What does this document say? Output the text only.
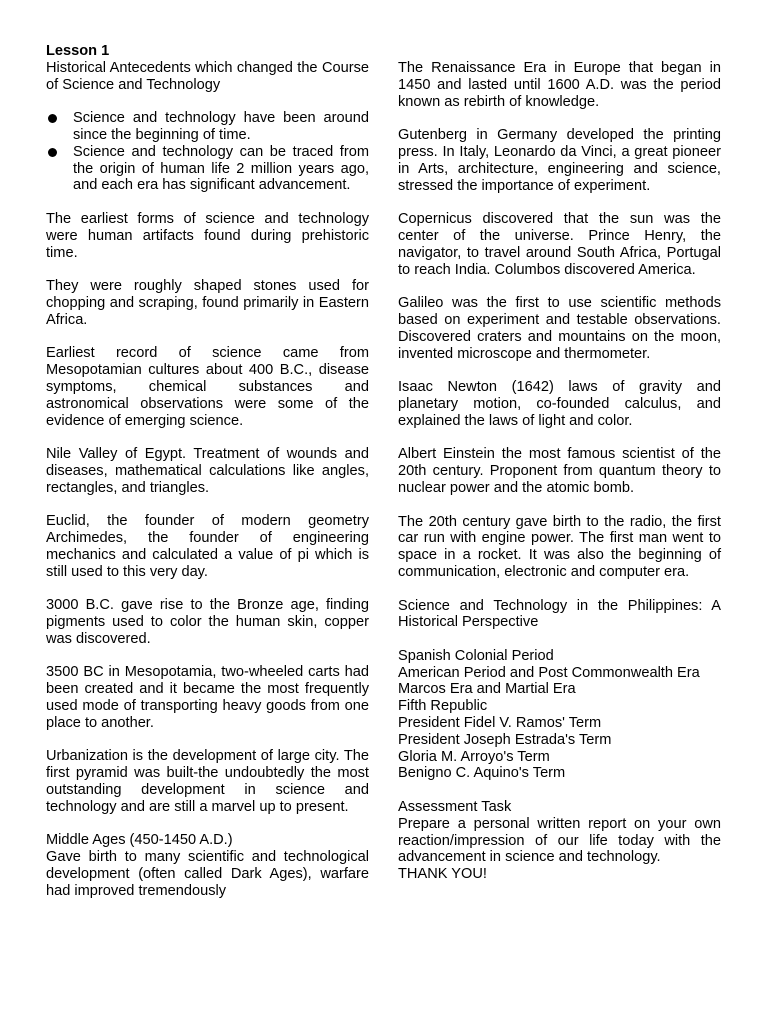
Lesson 1
Historical Antecedents which changed the Course of Science and Technology
Science and technology have been around since the beginning of time.
Science and technology can be traced from the origin of human life 2 million years ago, and each era has significant advancement.

The earliest forms of science and technology were human artifacts found during prehistoric time.

They were roughly shaped stones used for chopping and scraping, found primarily in Eastern Africa.

Earliest record of science came from Mesopotamian cultures about 400 B.C., disease symptoms, chemical substances and astronomical observations were some of the evidence of emerging science.

Nile Valley of Egypt. Treatment of wounds and diseases, mathematical calculations like angles, rectangles, and triangles.

Euclid, the founder of modern geometry Archimedes, the founder of engineering mechanics and calculated a value of pi which is still used to this very day.

3000 B.C. gave rise to the Bronze age, finding pigments used to color the human skin, copper was discovered.

3500 BC in Mesopotamia, two-wheeled carts had been created and it became the most frequently used mode of transporting heavy goods from one place to another.

Urbanization is the development of large city. The first pyramid was built-the undoubtedly the most outstanding development in science and technology and are still a marvel up to present.

Middle Ages (450-1450 A.D.)

Gave birth to many scientific and technological development (often called Dark Ages), warfare had improved tremendously

The Renaissance Era in Europe that began in 1450 and lasted until 1600 A.D. was the period known as rebirth of knowledge.

Gutenberg in Germany developed the printing press. In Italy, Leonardo da Vinci, a great pioneer in Arts, architecture, engineering and science, stressed the importance of experiment.

Copernicus discovered that the sun was the center of the universe. Prince Henry, the navigator, to travel around South Africa, Portugal to reach India. Columbos discovered America.

Galileo was the first to use scientific methods based on experiment and testable observations. Discovered craters and mountains on the moon, invented microscope and thermometer.

Isaac Newton (1642) laws of gravity and planetary motion, co-founded calculus, and explained the laws of light and color.

Albert Einstein the most famous scientist of the 20th century. Proponent from quantum theory to nuclear power and the atomic bomb.

The 20th century gave birth to the radio, the first car run with engine power. The first man went to space in a rocket. It was also the beginning of communication, electronic and computer era.

Science and Technology in the Philippines: A Historical Perspective

Spanish Colonial Period
American Period and Post Commonwealth Era
Marcos Era and Martial Era
Fifth Republic
President Fidel V. Ramos' Term
President Joseph Estrada's Term
Gloria M. Arroyo's Term
Benigno C. Aquino's Term
Assessment Task

Prepare a personal written report on your own reaction/impression of our life today with the advancement in science and technology.

THANK YOU!
